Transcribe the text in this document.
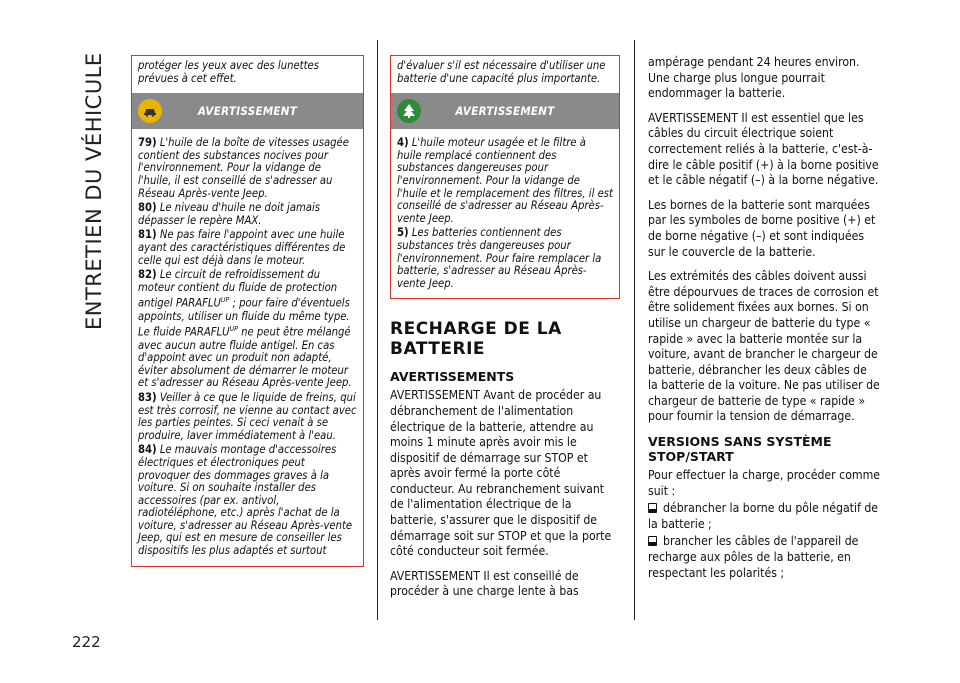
ENTRETIEN DU VÉHICULE
222
protéger les yeux avec des lunettes prévues à cet effet.
AVERTISSEMENT
79) L'huile de la boîte de vitesses usagée contient des substances nocives pour l'environnement. Pour la vidange de l'huile, il est conseillé de s'adresser au Réseau Après-vente Jeep.
80) Le niveau d'huile ne doit jamais dépasser le repère MAX.
81) Ne pas faire l'appoint avec une huile ayant des caractéristiques différentes de celle qui est déjà dans le moteur.
82) Le circuit de refroidissement du moteur contient du fluide de protection antigel $PARAFLU^{UP}$ ; pour faire d'éventuels appoints, utiliser un fluide du même type. Le fluide $PARAFLU^{UP}$ ne peut être mélangé avec aucun autre fluide antigel. En cas d'appoint avec un produit non adapté, éviter absolument de démarrer le moteur et s'adresser au Réseau Après-vente Jeep.
83) Veiller à ce que le liquide de freins, qui est très corrosif, ne vienne au contact avec les parties peintes. Si ceci venait à se produire, laver immédiatement à l'eau.
84) Le mauvais montage d'accessoires électriques et électroniques peut provoquer des dommages graves à la voiture. Si on souhaite installer des accessoires (par ex. antivol, radiotéléphone, etc.) après l'achat de la voiture, s'adresser au Réseau Après-vente Jeep, qui est en mesure de conseiller les dispositifs les plus adaptés et surtout
d'évaluer s'il est nécessaire d'utiliser une batterie d'une capacité plus importante.
AVERTISSEMENT
4) L'huile moteur usagée et le filtre à huile remplacé contiennent des substances dangereuses pour l'environnement. Pour la vidange de l'huile et le remplacement des filtres, il est conseillé de s'adresser au Réseau Après-vente Jeep.
5) Les batteries contiennent des substances très dangereuses pour l'environnement. Pour faire remplacer la batterie, s'adresser au Réseau Après-vente Jeep.
RECHARGE DE LA BATTERIE
AVERTISSEMENTS

AVERTISSEMENT Avant de procéder au débranchement de l'alimentation électrique de la batterie, attendre au moins 1 minute après avoir mis le dispositif de démarrage sur STOP et après avoir fermé la porte côté conducteur. Au rebranchement suivant de l'alimentation électrique de la batterie, s'assurer que le dispositif de démarrage soit sur STOP et que la porte côté conducteur soit fermée.

AVERTISSEMENT Il est conseillé de procéder à une charge lente à bas

ampérage pendant 24 heures environ. Une charge plus longue pourrait endommager la batterie.

AVERTISSEMENT Il est essentiel que les câbles du circuit électrique soient correctement reliés à la batterie, c'est-à-dire le câble positif (+) à la borne positive et le câble négatif (–) à la borne négative.

Les bornes de la batterie sont marquées par les symboles de borne positive (+) et de borne négative (–) et sont indiquées sur le couvercle de la batterie.

Les extrémités des câbles doivent aussi être dépourvues de traces de corrosion et être solidement fixées aux bornes. Si on utilise un chargeur de batterie du type « rapide » avec la batterie montée sur la voiture, avant de brancher le chargeur de batterie, débrancher les deux câbles de la batterie de la voiture. Ne pas utiliser de chargeur de batterie de type « rapide » pour fournir la tension de démarrage.

VERSIONS SANS SYSTÈME STOP/START

Pour effectuer la charge, procéder comme suit :

débrancher la borne du pôle négatif de la batterie ;

brancher les câbles de l'appareil de recharge aux pôles de la batterie, en respectant les polarités ;
